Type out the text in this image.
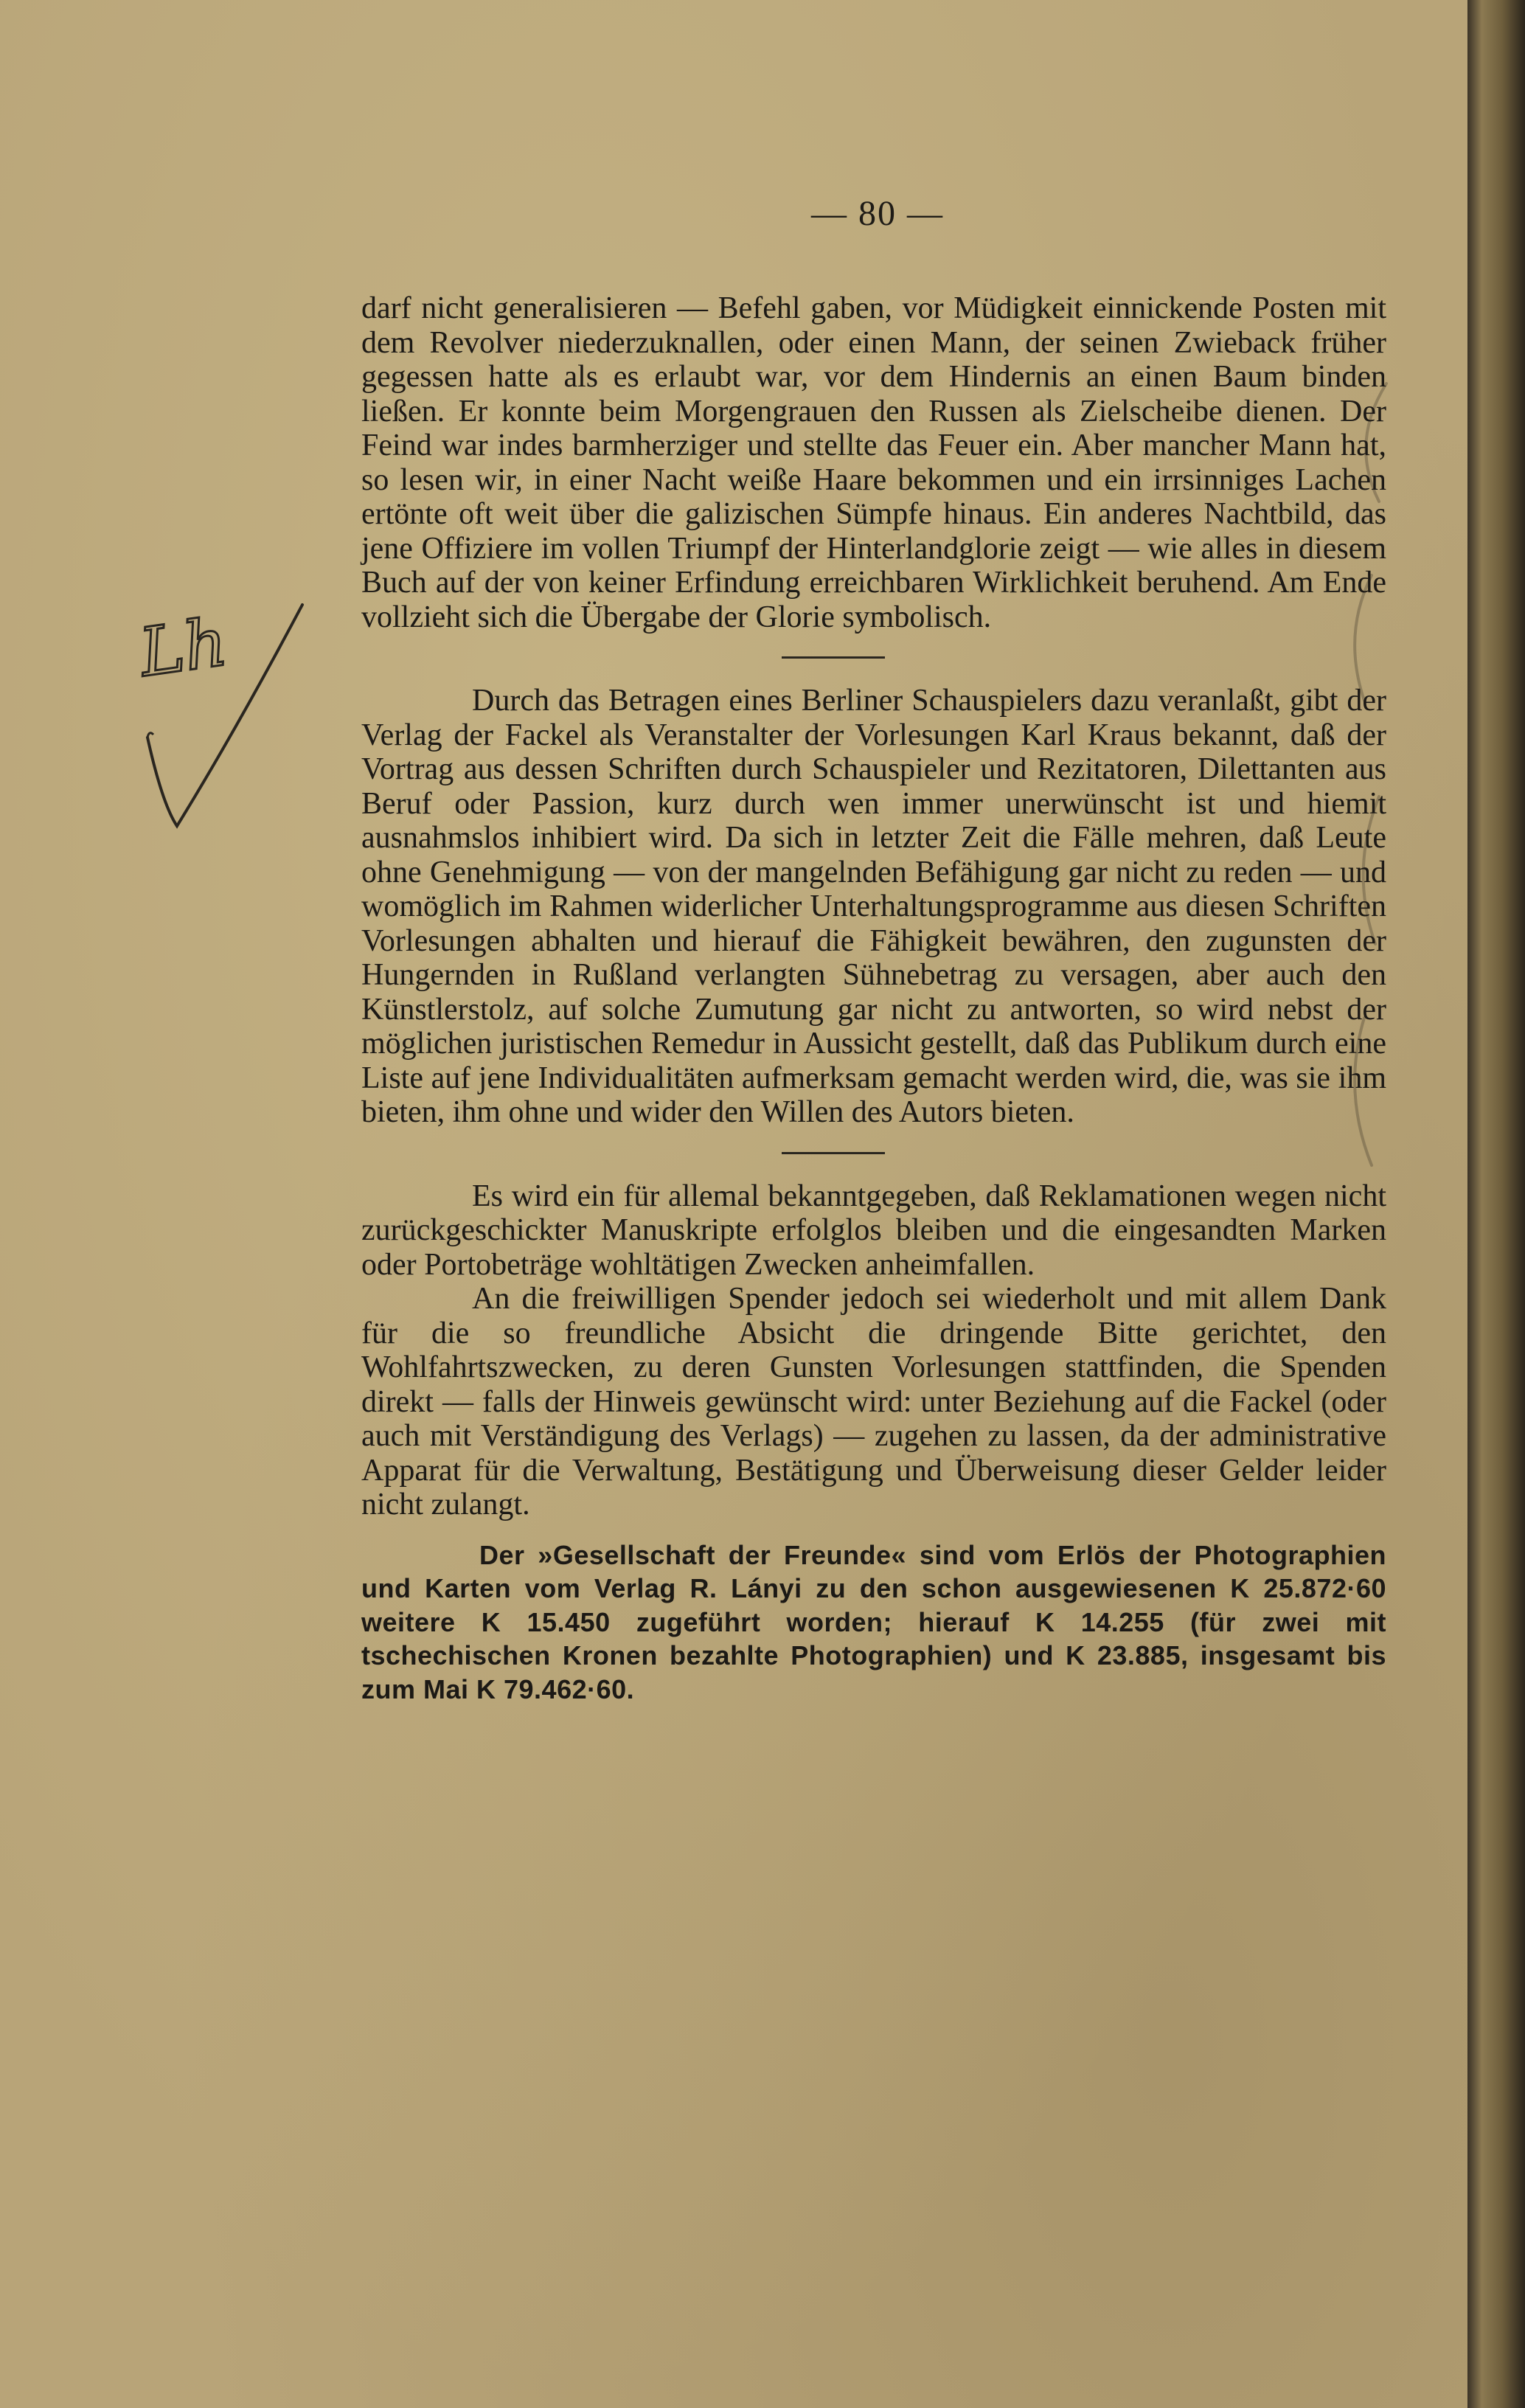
— 80 —
Lh

darf nicht generalisieren — Befehl gaben, vor Müdigkeit einnickende Posten mit dem Revolver niederzuknallen, oder einen Mann, der seinen Zwieback früher gegessen hatte als es erlaubt war, vor dem Hindernis an einen Baum binden ließen. Er konnte beim Morgengrauen den Russen als Zielscheibe dienen. Der Feind war indes barmherziger und stellte das Feuer ein. Aber mancher Mann hat, so lesen wir, in einer Nacht weiße Haare bekommen und ein irrsinniges Lachen ertönte oft weit über die galizischen Sümpfe hinaus. Ein anderes Nachtbild, das jene Offiziere im vollen Triumpf der Hinterlandglorie zeigt — wie alles in diesem Buch auf der von keiner Erfindung erreichbaren Wirklichkeit beruhend. Am Ende vollzieht sich die Übergabe der Glorie symbolisch.

Durch das Betragen eines Berliner Schauspielers dazu veranlaßt, gibt der Verlag der Fackel als Veranstalter der Vorlesungen Karl Kraus bekannt, daß der Vortrag aus dessen Schriften durch Schauspieler und Rezitatoren, Dilettanten aus Beruf oder Passion, kurz durch wen immer unerwünscht ist und hiemit ausnahmslos inhibiert wird. Da sich in letzter Zeit die Fälle mehren, daß Leute ohne Genehmigung — von der mangelnden Befähigung gar nicht zu reden — und womöglich im Rahmen widerlicher Unterhaltungsprogramme aus diesen Schriften Vorlesungen abhalten und hierauf die Fähigkeit bewähren, den zugunsten der Hungernden in Rußland verlangten Sühnebetrag zu versagen, aber auch den Künstlerstolz, auf solche Zumutung gar nicht zu antworten, so wird nebst der möglichen juristischen Remedur in Aussicht gestellt, daß das Publikum durch eine Liste auf jene Individualitäten aufmerksam gemacht werden wird, die, was sie ihm bieten, ihm ohne und wider den Willen des Autors bieten.

Es wird ein für allemal bekanntgegeben, daß Reklamationen wegen nicht zurückgeschickter Manuskripte erfolglos bleiben und die eingesandten Marken oder Portobeträge wohltätigen Zwecken anheimfallen.

An die freiwilligen Spender jedoch sei wiederholt und mit allem Dank für die so freundliche Absicht die dringende Bitte gerichtet, den Wohlfahrtszwecken, zu deren Gunsten Vorlesungen stattfinden, die Spenden direkt — falls der Hinweis gewünscht wird: unter Beziehung auf die Fackel (oder auch mit Verständigung des Verlags) — zugehen zu lassen, da der administrative Apparat für die Verwaltung, Bestätigung und Überweisung dieser Gelder leider nicht zulangt.

Der »Gesellschaft der Freunde« sind vom Erlös der Photographien und Karten vom Verlag R. Lányi zu den schon ausgewiesenen K 25.872·60 weitere K 15.450 zugeführt worden; hierauf K 14.255 (für zwei mit tschechischen Kronen bezahlte Photographien) und K 23.885, insgesamt bis zum Mai K 79.462·60.
